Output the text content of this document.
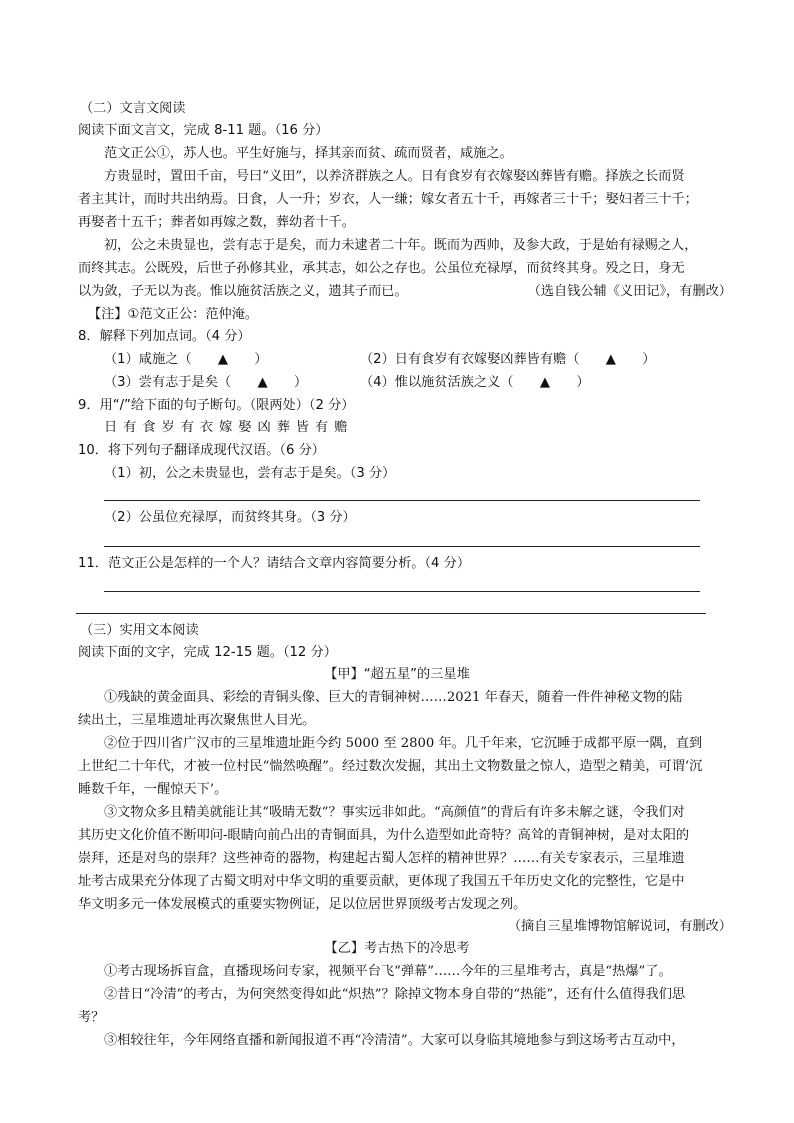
（二）文言文阅读
阅读下面文言文，完成 8-11 题。（16 分）
范文正公①，苏人也。平生好施与，择其亲而贫、疏而贤者，咸施之。
方贵显时，置田千亩，号曰“义田”，以养济群族之人。日有食岁有衣嫁娶凶葬皆有赡。择族之长而贤
者主其计，而时共出纳焉。日食，人一升；岁衣，人一缣；嫁女者五十千，再嫁者三十千；娶妇者三十千；
再娶者十五千；葬者如再嫁之数，葬幼者十千。
初，公之未贵显也，尝有志于是矣，而力未逮者二十年。既而为西帅，及参大政，于是始有禄赐之人，
而终其志。公既殁，后世子孙修其业，承其志，如公之存也。公虽位充禄厚，而贫终其身。殁之日，身无
以为敛，子无以为丧。惟以施贫活族之义，遗其子而已。	（选自钱公辅《义田记》，有删改）
【注】①范文正公：范仲淹。
8．解释下列加点词。（4 分）
（1）咸施之（　　▲　　）	（2）日有食岁有衣嫁娶凶葬皆有赡（　　▲　　）
（3）尝有志于是矣（　　▲　　）	（4）惟以施贫活族之义（　　▲　　）
9．用“/”给下面的句子断句。（限两处）（2 分）
日有食岁有衣嫁娶凶葬皆有赡
10．将下列句子翻译成现代汉语。（6 分）
（1）初，公之未贵显也，尝有志于是矣。（3 分）
（2）公虽位充禄厚，而贫终其身。（3 分）
11．范文正公是怎样的一个人？请结合文章内容简要分析。（4 分）
（三）实用文本阅读
阅读下面的文字，完成 12-15 题。（12 分）
【甲】“超五星”的三星堆
①残缺的黄金面具、彩绘的青铜头像、巨大的青铜神树……2021 年春天，随着一件件神秘文物的陆
续出土，三星堆遗址再次聚焦世人目光。
②位于四川省广汉市的三星堆遗址距今约 5000 至 2800 年。几千年来，它沉睡于成都平原一隅，直到
上世纪二十年代，才被一位村民“惴然唤醒”。经过数次发掘，其出土文物数量之惊人，造型之精美，可谓‘沉
睡数千年，一醒惊天下’。
③文物众多且精美就能让其“吸睛无数”？事实远非如此。“高颜值”的背后有许多未解之谜，令我们对
其历史文化价值不断叩问-眼睛向前凸出的青铜面具，为什么造型如此奇特？高耸的青铜神树，是对太阳的
崇拜，还是对鸟的崇拜？这些神奇的器物，构建起古蜀人怎样的精神世界？……有关专家表示，三星堆遗
址考古成果充分体现了古蜀文明对中华文明的重要贡献，更体现了我国五千年历史文化的完整性，它是中
华文明多元一体发展模式的重要实物例证，足以位居世界顶级考古发现之列。
（摘自三星堆博物馆解说词，有删改）
【乙】考古热下的冷思考
①考古现场拆盲盒，直播现场问专家，视频平台飞“弹幕”……今年的三星堆考古，真是“热爆”了。
②昔日“冷清”的考古，为何突然变得如此“炽热”？除掉文物本身自带的“热能”，还有什么值得我们思
考？
③相较往年，今年网络直播和新闻报道不再“冷清清”。大家可以身临其境地参与到这场考古互动中，
